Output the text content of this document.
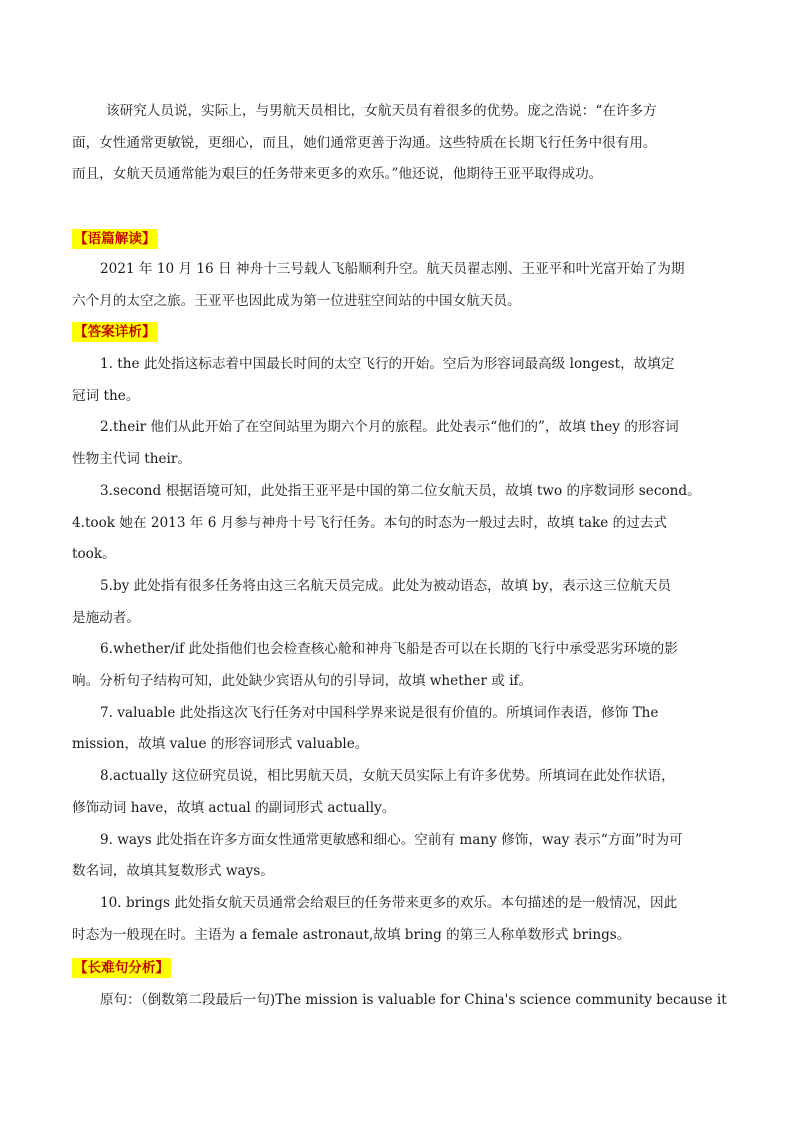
该研究人员说，实际上，与男航天员相比，女航天员有着很多的优势。庞之浩说：“在许多方
面，女性通常更敏锐，更细心，而且，她们通常更善于沟通。这些特质在长期飞行任务中很有用。
而且，女航天员通常能为艰巨的任务带来更多的欢乐。”他还说，他期待王亚平取得成功。
【语篇解读】
2021 年 10 月 16 日 神舟十三号载人飞船顺利升空。航天员翟志刚、王亚平和叶光富开始了为期
六个月的太空之旅。王亚平也因此成为第一位进驻空间站的中国女航天员。
【答案详析】
1. the 此处指这标志着中国最长时间的太空飞行的开始。空后为形容词最高级 longest，故填定
冠词 the。
2.their 他们从此开始了在空间站里为期六个月的旅程。此处表示“他们的”，故填 they 的形容词
性物主代词 their。
3.second 根据语境可知，此处指王亚平是中国的第二位女航天员，故填 two 的序数词形 second。
4.took 她在 2013 年 6 月参与神舟十号飞行任务。本句的时态为一般过去时，故填 take 的过去式
took。
5.by 此处指有很多任务将由这三名航天员完成。此处为被动语态，故填 by，表示这三位航天员
是施动者。
6.whether/if 此处指他们也会检查核心舱和神舟飞船是否可以在长期的飞行中承受恶劣环境的影
响。分析句子结构可知，此处缺少宾语从句的引导词，故填 whether 或 if。
7. valuable 此处指这次飞行任务对中国科学界来说是很有价值的。所填词作表语，修饰 The
mission，故填 value 的形容词形式 valuable。
8.actually 这位研究员说，相比男航天员，女航天员实际上有许多优势。所填词在此处作状语，
修饰动词 have，故填 actual 的副词形式 actually。
9. ways 此处指在许多方面女性通常更敏感和细心。空前有 many 修饰，way 表示“方面”时为可
数名词，故填其复数形式 ways。
10. brings 此处指女航天员通常会给艰巨的任务带来更多的欢乐。本句描述的是一般情况，因此
时态为一般现在时。主语为 a female astronaut,故填 bring 的第三人称单数形式 brings。
【长难句分析】
原句：（倒数第二段最后一句)The mission is valuable for China's science community because it
